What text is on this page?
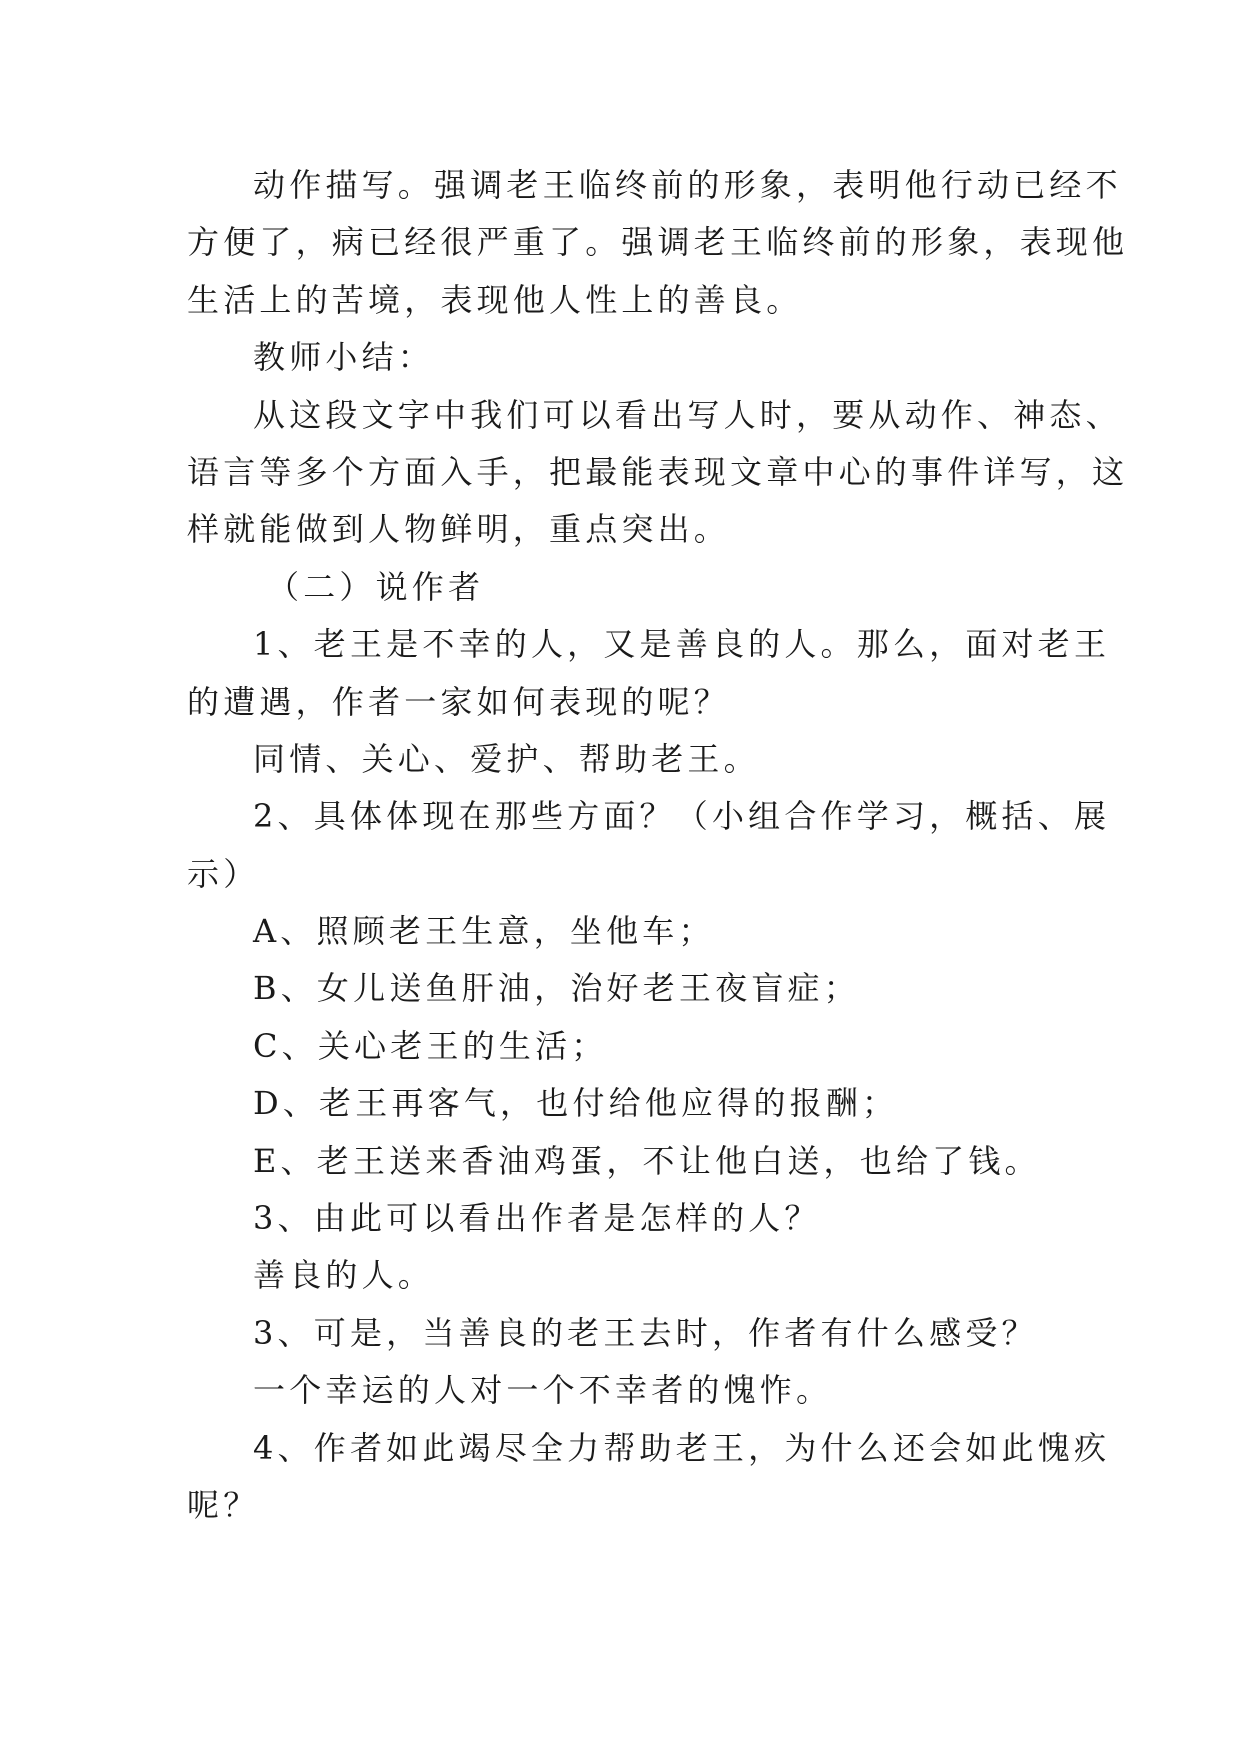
动作描写。强调老王临终前的形象，表明他行动已经不

方便了，病已经很严重了。强调老王临终前的形象，表现他

生活上的苦境，表现他人性上的善良。

教师小结：

从这段文字中我们可以看出写人时，要从动作、神态、

语言等多个方面入手，把最能表现文章中心的事件详写，这

样就能做到人物鲜明，重点突出。

（二）说作者

1、老王是不幸的人，又是善良的人。那么，面对老王

的遭遇，作者一家如何表现的呢？

同情、关心、爱护、帮助老王。

2、具体体现在那些方面？（小组合作学习，概括、展

示）

A、照顾老王生意，坐他车；

B、女儿送鱼肝油，治好老王夜盲症；

C、关心老王的生活；

D、老王再客气，也付给他应得的报酬；

E、老王送来香油鸡蛋，不让他白送，也给了钱。

3、由此可以看出作者是怎样的人？

善良的人。

3、可是，当善良的老王去时，作者有什么感受？

一个幸运的人对一个不幸者的愧怍。

4、作者如此竭尽全力帮助老王，为什么还会如此愧疚

呢？
